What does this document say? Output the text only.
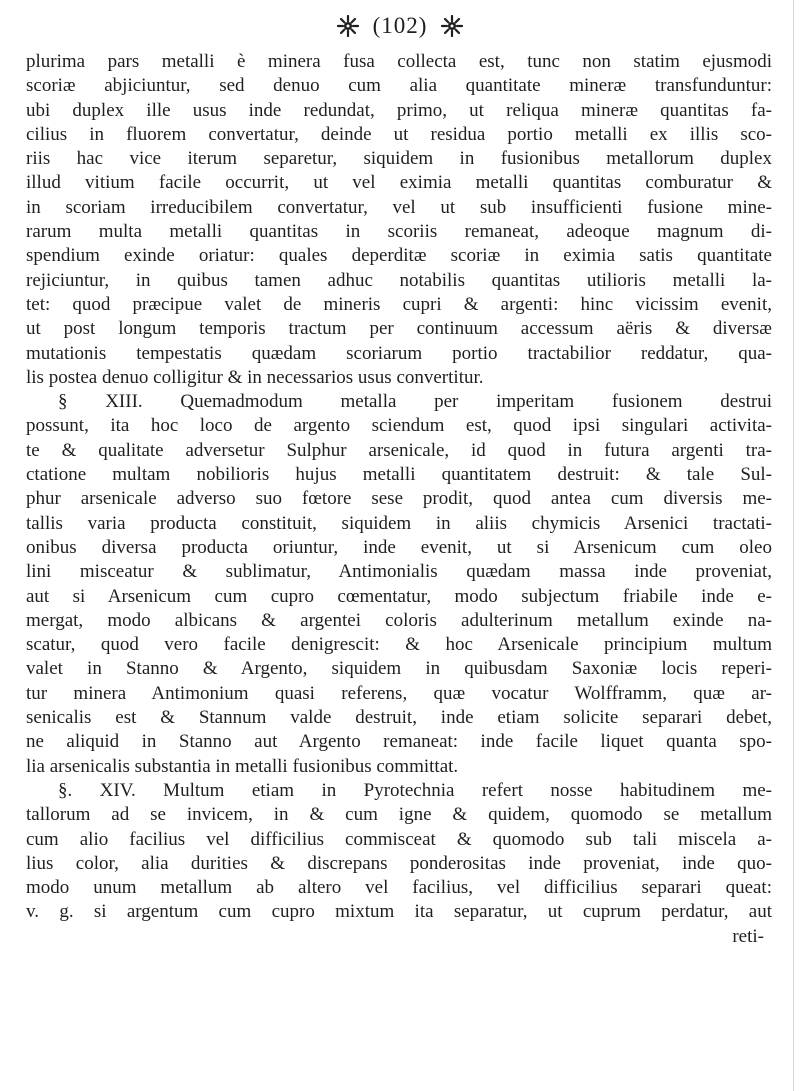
(102)
plurima pars metalli è minera fusa collecta est, tunc non statim ejusmodi
scoriæ abjiciuntur, sed denuo cum alia quantitate mineræ transfunduntur:
ubi duplex ille usus inde redundat, primo, ut reliqua mineræ quantitas fa-
cilius in fluorem convertatur, deinde ut residua portio metalli ex illis sco-
riis hac vice iterum separetur, siquidem in fusionibus metallorum duplex
illud vitium facile occurrit, ut vel eximia metalli quantitas comburatur &
in scoriam irreducibilem convertatur, vel ut sub insufficienti fusione mine-
rarum multa metalli quantitas in scoriis remaneat, adeoque magnum di-
spendium exinde oriatur: quales deperditæ scoriæ in eximia satis quantitate
rejiciuntur, in quibus tamen adhuc notabilis quantitas utilioris metalli la-
tet: quod præcipue valet de mineris cupri & argenti: hinc vicissim evenit,
ut post longum temporis tractum per continuum accessum aëris & diversæ
mutationis tempestatis quædam scoriarum portio tractabilior reddatur, qua-
lis postea denuo colligitur & in necessarios usus convertitur.
§ XIII. Quemadmodum metalla per imperitam fusionem destrui
possunt, ita hoc loco de argento sciendum est, quod ipsi singulari activita-
te & qualitate adversetur Sulphur arsenicale, id quod in futura argenti tra-
ctatione multam nobilioris hujus metalli quantitatem destruit: & tale Sul-
phur arsenicale adverso suo fœtore sese prodit, quod antea cum diversis me-
tallis varia producta constituit, siquidem in aliis chymicis Arsenici tractati-
onibus diversa producta oriuntur, inde evenit, ut si Arsenicum cum oleo
lini misceatur & sublimatur, Antimonialis quædam massa inde proveniat,
aut si Arsenicum cum cupro cœmentatur, modo subjectum friabile inde e-
mergat, modo albicans & argentei coloris adulterinum metallum exinde na-
scatur, quod vero facile denigrescit: & hoc Arsenicale principium multum
valet in Stanno & Argento, siquidem in quibusdam Saxoniæ locis reperi-
tur minera Antimonium quasi referens, quæ vocatur Wolfframm, quæ ar-
senicalis est & Stannum valde destruit, inde etiam solicite separari debet,
ne aliquid in Stanno aut Argento remaneat: inde facile liquet quanta spo-
lia arsenicalis substantia in metalli fusionibus committat.
§. XIV. Multum etiam in Pyrotechnia refert nosse habitudinem me-
tallorum ad se invicem, in & cum igne & quidem, quomodo se metallum
cum alio facilius vel difficilius commisceat & quomodo sub tali miscela a-
lius color, alia durities & discrepans ponderositas inde proveniat, inde quo-
modo unum metallum ab altero vel facilius, vel difficilius separari queat:
v. g. si argentum cum cupro mixtum ita separatur, ut cuprum perdatur, aut
reti-
